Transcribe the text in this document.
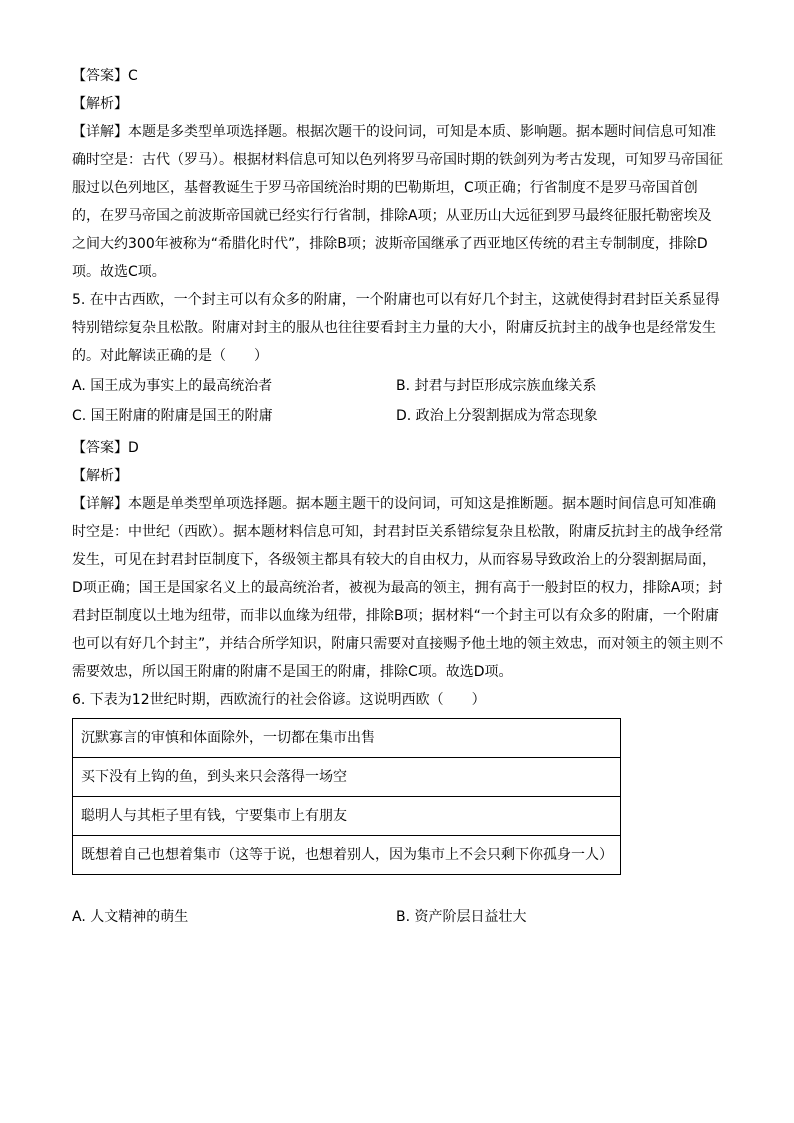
【答案】C

【解析】

【详解】本题是多类型单项选择题。根据次题干的设问词，可知是本质、影响题。据本题时间信息可知准确时空是：古代（罗马）。根据材料信息可知以色列将罗马帝国时期的铁剑列为考古发现，可知罗马帝国征服过以色列地区，基督教诞生于罗马帝国统治时期的巴勒斯坦，C项正确；行省制度不是罗马帝国首创的，在罗马帝国之前波斯帝国就已经实行行省制，排除A项；从亚历山大远征到罗马最终征服托勒密埃及之间大约300年被称为“希腊化时代”，排除B项；波斯帝国继承了西亚地区传统的君主专制制度，排除D项。故选C项。

5. 在中古西欧，一个封主可以有众多的附庸，一个附庸也可以有好几个封主，这就使得封君封臣关系显得特别错综复杂且松散。附庸对封主的服从也往往要看封主力量的大小，附庸反抗封主的战争也是经常发生的。对此解读正确的是（　　）

A. 国王成为事实上的最高统治者	B. 封君与封臣形成宗族血缘关系
C. 国王附庸的附庸是国王的附庸	D. 政治上分裂割据成为常态现象

【答案】D

【解析】

【详解】本题是单类型单项选择题。据本题主题干的设问词，可知这是推断题。据本题时间信息可知准确时空是：中世纪（西欧）。据本题材料信息可知，封君封臣关系错综复杂且松散，附庸反抗封主的战争经常发生，可见在封君封臣制度下，各级领主都具有较大的自由权力，从而容易导致政治上的分裂割据局面，D项正确；国王是国家名义上的最高统治者，被视为最高的领主，拥有高于一般封臣的权力，排除A项；封君封臣制度以土地为纽带，而非以血缘为纽带，排除B项；据材料“一个封主可以有众多的附庸，一个附庸也可以有好几个封主”，并结合所学知识，附庸只需要对直接赐予他土地的领主效忠，而对领主的领主则不需要效忠，所以国王附庸的附庸不是国王的附庸，排除C项。故选D项。

6. 下表为12世纪时期，西欧流行的社会俗谚。这说明西欧（　　）

沉默寡言的审慎和体面除外，一切都在集市出售
买下没有上钩的鱼，到头来只会落得一场空
聪明人与其柜子里有钱，宁要集市上有朋友
既想着自己也想着集市（这等于说，也想着别人，因为集市上不会只剩下你孤身一人）
A. 人文精神的萌生	B. 资产阶层日益壮大
